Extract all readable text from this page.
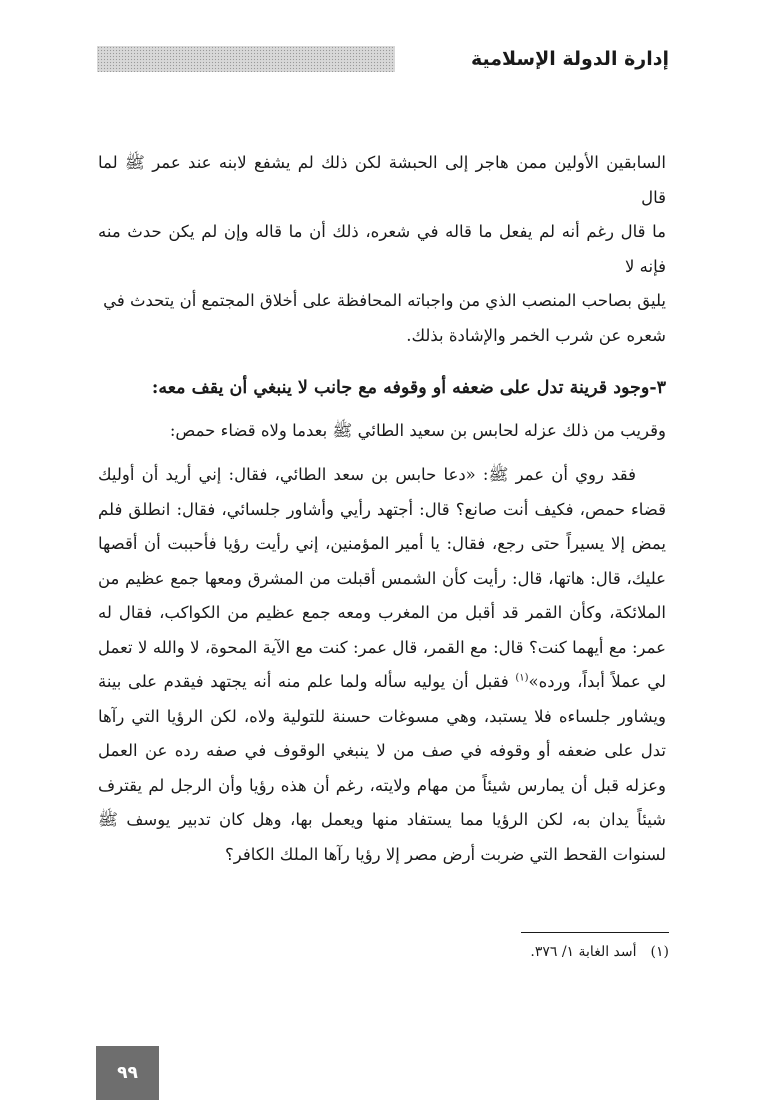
إدارة الدولة الإسلامية

السابقين الأولين ممن هاجر إلى الحبشة لكن ذلك لم يشفع لابنه عند عمر ﷺ لما قال

ما قال رغم أنه لم يفعل ما قاله في شعره، ذلك أن ما قاله وإن لم يكن حدث منه فإنه لا

يليق بصاحب المنصب الذي من واجباته المحافظة على أخلاق المجتمع أن يتحدث في

شعره عن شرب الخمر والإشادة بذلك.

٣-وجود قرينة تدل على ضعفه أو وقوفه مع جانب لا ينبغي أن يقف معه:

وقريب من ذلك عزله لحابس بن سعيد الطائي ﷺ بعدما ولاه قضاء حمص:

فقد روي أن عمر ﷺ: «دعا حابس بن سعد الطائي، فقال: إني أريد أن أوليك قضاء حمص، فكيف أنت صانع؟ قال: أجتهد رأيي وأشاور جلسائي، فقال: انطلق فلم يمض إلا يسيراً حتى رجع، فقال: يا أمير المؤمنين، إني رأيت رؤيا فأحببت أن أقصها عليك، قال: هاتها، قال: رأيت كأن الشمس أقبلت من المشرق ومعها جمع عظيم من الملائكة، وكأن القمر قد أقبل من المغرب ومعه جمع عظيم من الكواكب، فقال له عمر: مع أيهما كنت؟ قال: مع القمر، قال عمر: كنت مع الآية المحوة، لا والله لا تعمل لي عملاً أبداً، ورده»$^{(١)}$ فقبل أن يوليه سأله ولما علم منه أنه يجتهد فيقدم على بينة ويشاور جلساءه فلا يستبد، وهي مسوغات حسنة للتولية ولاه، لكن الرؤيا التي رآها تدل على ضعفه أو وقوفه في صف من لا ينبغي الوقوف في صفه رده عن العمل وعزله قبل أن يمارس شيئاً من مهام ولايته، رغم أن هذه رؤيا وأن الرجل لم يقترف شيئاً يدان به، لكن الرؤيا مما يستفاد منها ويعمل بها، وهل كان تدبير يوسف ﷺ لسنوات القحط التي ضربت أرض مصر إلا رؤيا رآها الملك الكافر؟

(١)أسد الغابة ١/ ٣٧٦.
٩٩
